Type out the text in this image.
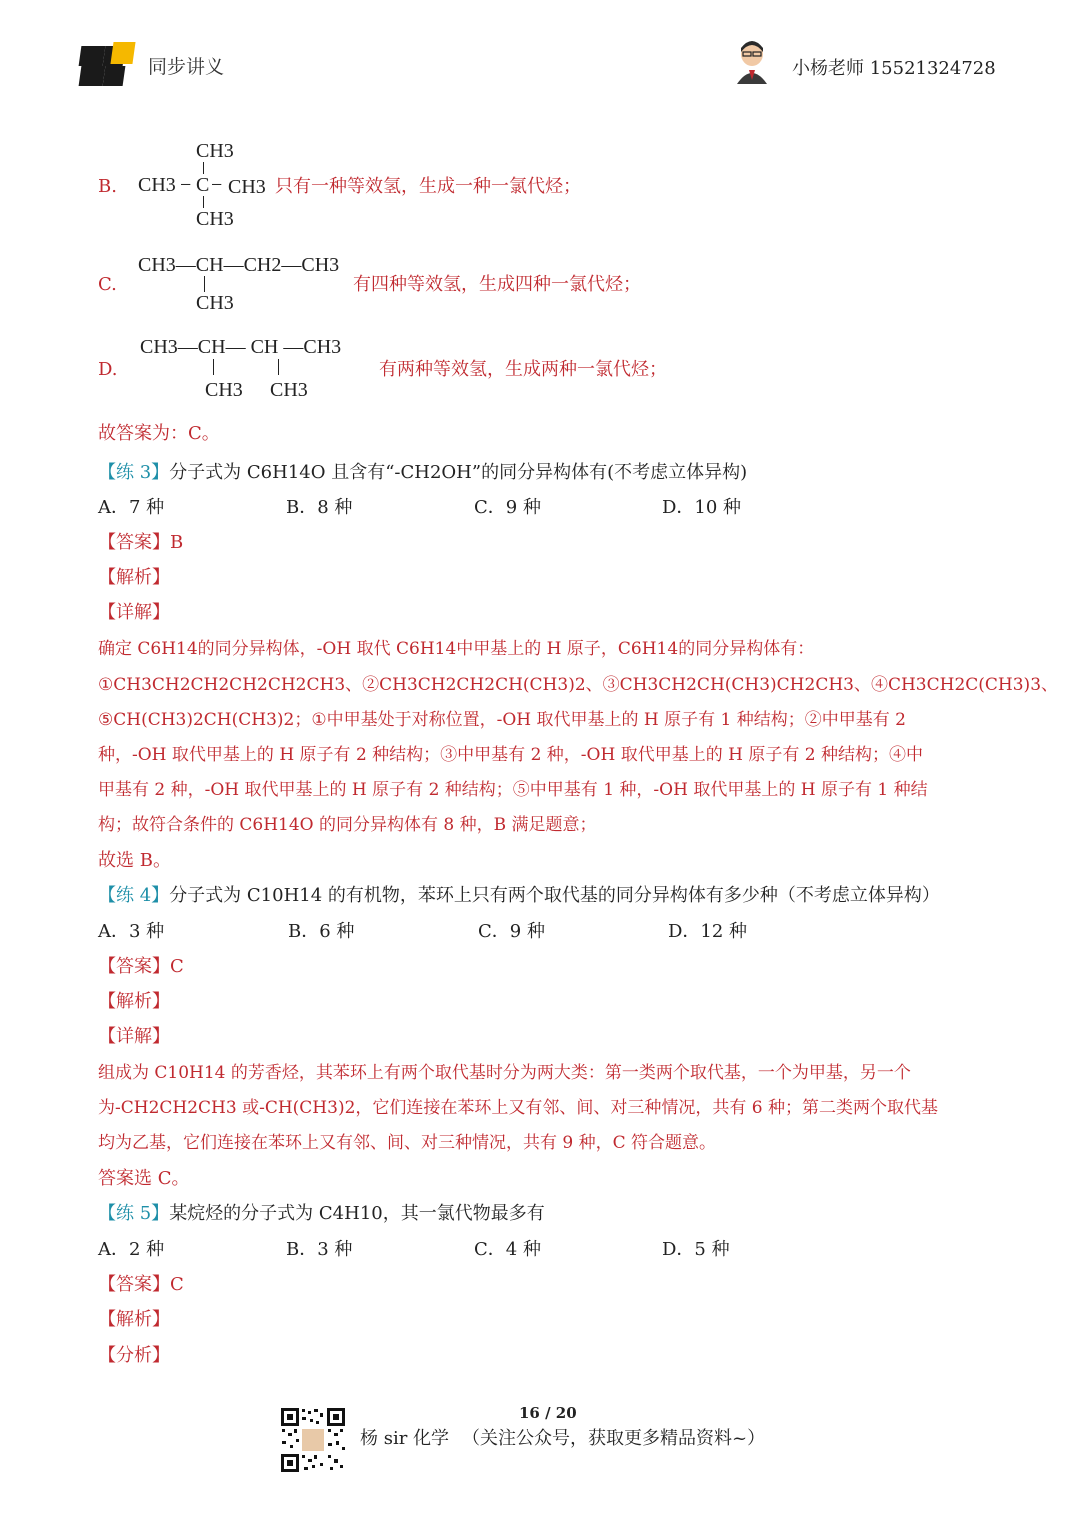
同步讲义	小杨老师 15521324728
B.
CH3
CH3 − C − CH3
CH3
只有一种等效氢，生成一种一氯代烃；
C.
CH3—CH—CH2—CH3
CH3
有四种等效氢，生成四种一氯代烃；
D.
CH3—CH— CH —CH3
CH3 CH3
有两种等效氢，生成两种一氯代烃；
故答案为：C。
【练 3】分子式为 C6H14O 且含有“-CH2OH”的同分异构体有(不考虑立体异构)
A．7 种	B．8 种	C．9 种	D．10 种
【答案】B
【解析】
【详解】
确定 C6H14的同分异构体，-OH 取代 C6H14中甲基上的 H 原子，C6H14的同分异构体有：
①CH3CH2CH2CH2CH2CH3、②CH3CH2CH2CH(CH3)2、③CH3CH2CH(CH3)CH2CH3、④CH3CH2C(CH3)3、
⑤CH(CH3)2CH(CH3)2；①中甲基处于对称位置，-OH 取代甲基上的 H 原子有 1 种结构；②中甲基有 2
种，-OH 取代甲基上的 H 原子有 2 种结构；③中甲基有 2 种，-OH 取代甲基上的 H 原子有 2 种结构；④中
甲基有 2 种，-OH 取代甲基上的 H 原子有 2 种结构；⑤中甲基有 1 种，-OH 取代甲基上的 H 原子有 1 种结
构；故符合条件的 C6H14O 的同分异构体有 8 种，B 满足题意；
故选 B。
【练 4】分子式为 C10H14 的有机物，苯环上只有两个取代基的同分异构体有多少种（不考虑立体异构）
A．3 种	B．6 种	C．9 种	D．12 种
【答案】C
【解析】
【详解】
组成为 C10H14 的芳香烃，其苯环上有两个取代基时分为两大类：第一类两个取代基，一个为甲基，另一个
为-CH2CH2CH3 或-CH(CH3)2，它们连接在苯环上又有邻、间、对三种情况，共有 6 种；第二类两个取代基
均为乙基，它们连接在苯环上又有邻、间、对三种情况，共有 9 种，C 符合题意。
答案选 C。
【练 5】某烷烃的分子式为 C4H10，其一氯代物最多有
A．2 种	B．3 种	C．4 种	D．5 种
【答案】C
【解析】
【分析】
16 / 20
杨 sir 化学 （关注公众号，获取更多精品资料~）
